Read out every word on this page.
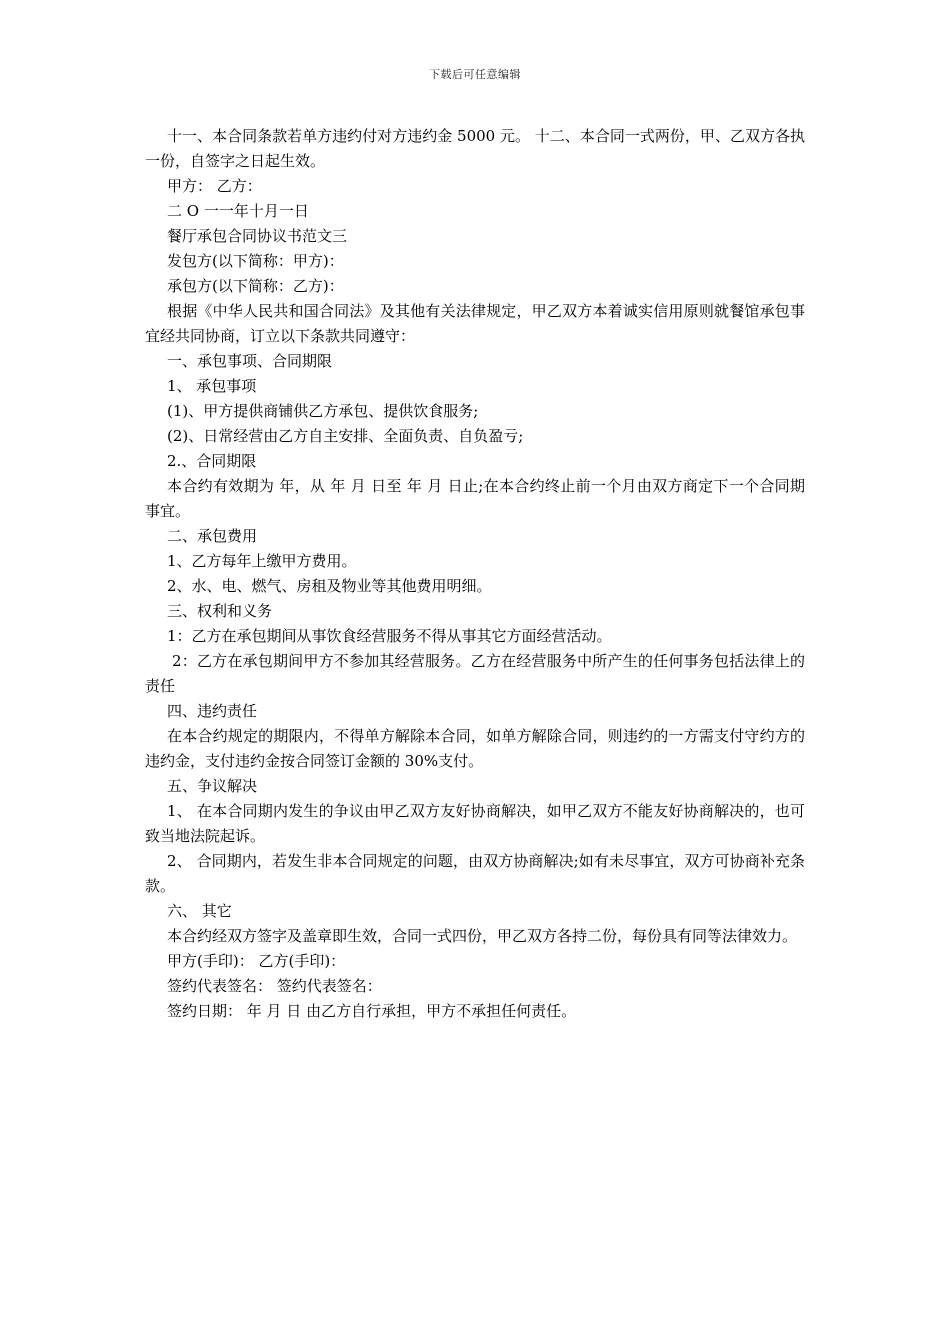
下载后可任意编辑

十一、本合同条款若单方违约付对方违约金 5000 元。 十二、本合同一式两份，甲、乙双方各执一份，自签字之日起生效。

甲方： 乙方：

二 O 一一年十月一日

餐厅承包合同协议书范文三

发包方(以下简称：甲方)：

承包方(以下简称：乙方)：

根据《中华人民共和国合同法》及其他有关法律规定，甲乙双方本着诚实信用原则就餐馆承包事宜经共同协商，订立以下条款共同遵守：

一、承包事项、合同期限

1、 承包事项

(1)、甲方提供商铺供乙方承包、提供饮食服务;

(2)、日常经营由乙方自主安排、全面负责、自负盈亏;

2.、合同期限

本合约有效期为 年，从 年 月 日至 年 月 日止;在本合约终止前一个月由双方商定下一个合同期事宜。

二、承包费用

1、乙方每年上缴甲方费用。

2、水、电、燃气、房租及物业等其他费用明细。

三、权利和义务

1：乙方在承包期间从事饮食经营服务不得从事其它方面经营活动。

2：乙方在承包期间甲方不参加其经营服务。乙方在经营服务中所产生的任何事务包括法律上的责任

四、违约责任

在本合约规定的期限内，不得单方解除本合同，如单方解除合同，则违约的一方需支付守约方的违约金，支付违约金按合同签订金额的 30%支付。

五、争议解决

1、 在本合同期内发生的争议由甲乙双方友好协商解决，如甲乙双方不能友好协商解决的，也可致当地法院起诉。

2、 合同期内，若发生非本合同规定的问题，由双方协商解决;如有未尽事宜，双方可协商补充条款。

六、 其它

本合约经双方签字及盖章即生效，合同一式四份，甲乙双方各持二份，每份具有同等法律效力。

甲方(手印)： 乙方(手印)：

签约代表签名： 签约代表签名：

签约日期： 年 月 日 由乙方自行承担，甲方不承担任何责任。
